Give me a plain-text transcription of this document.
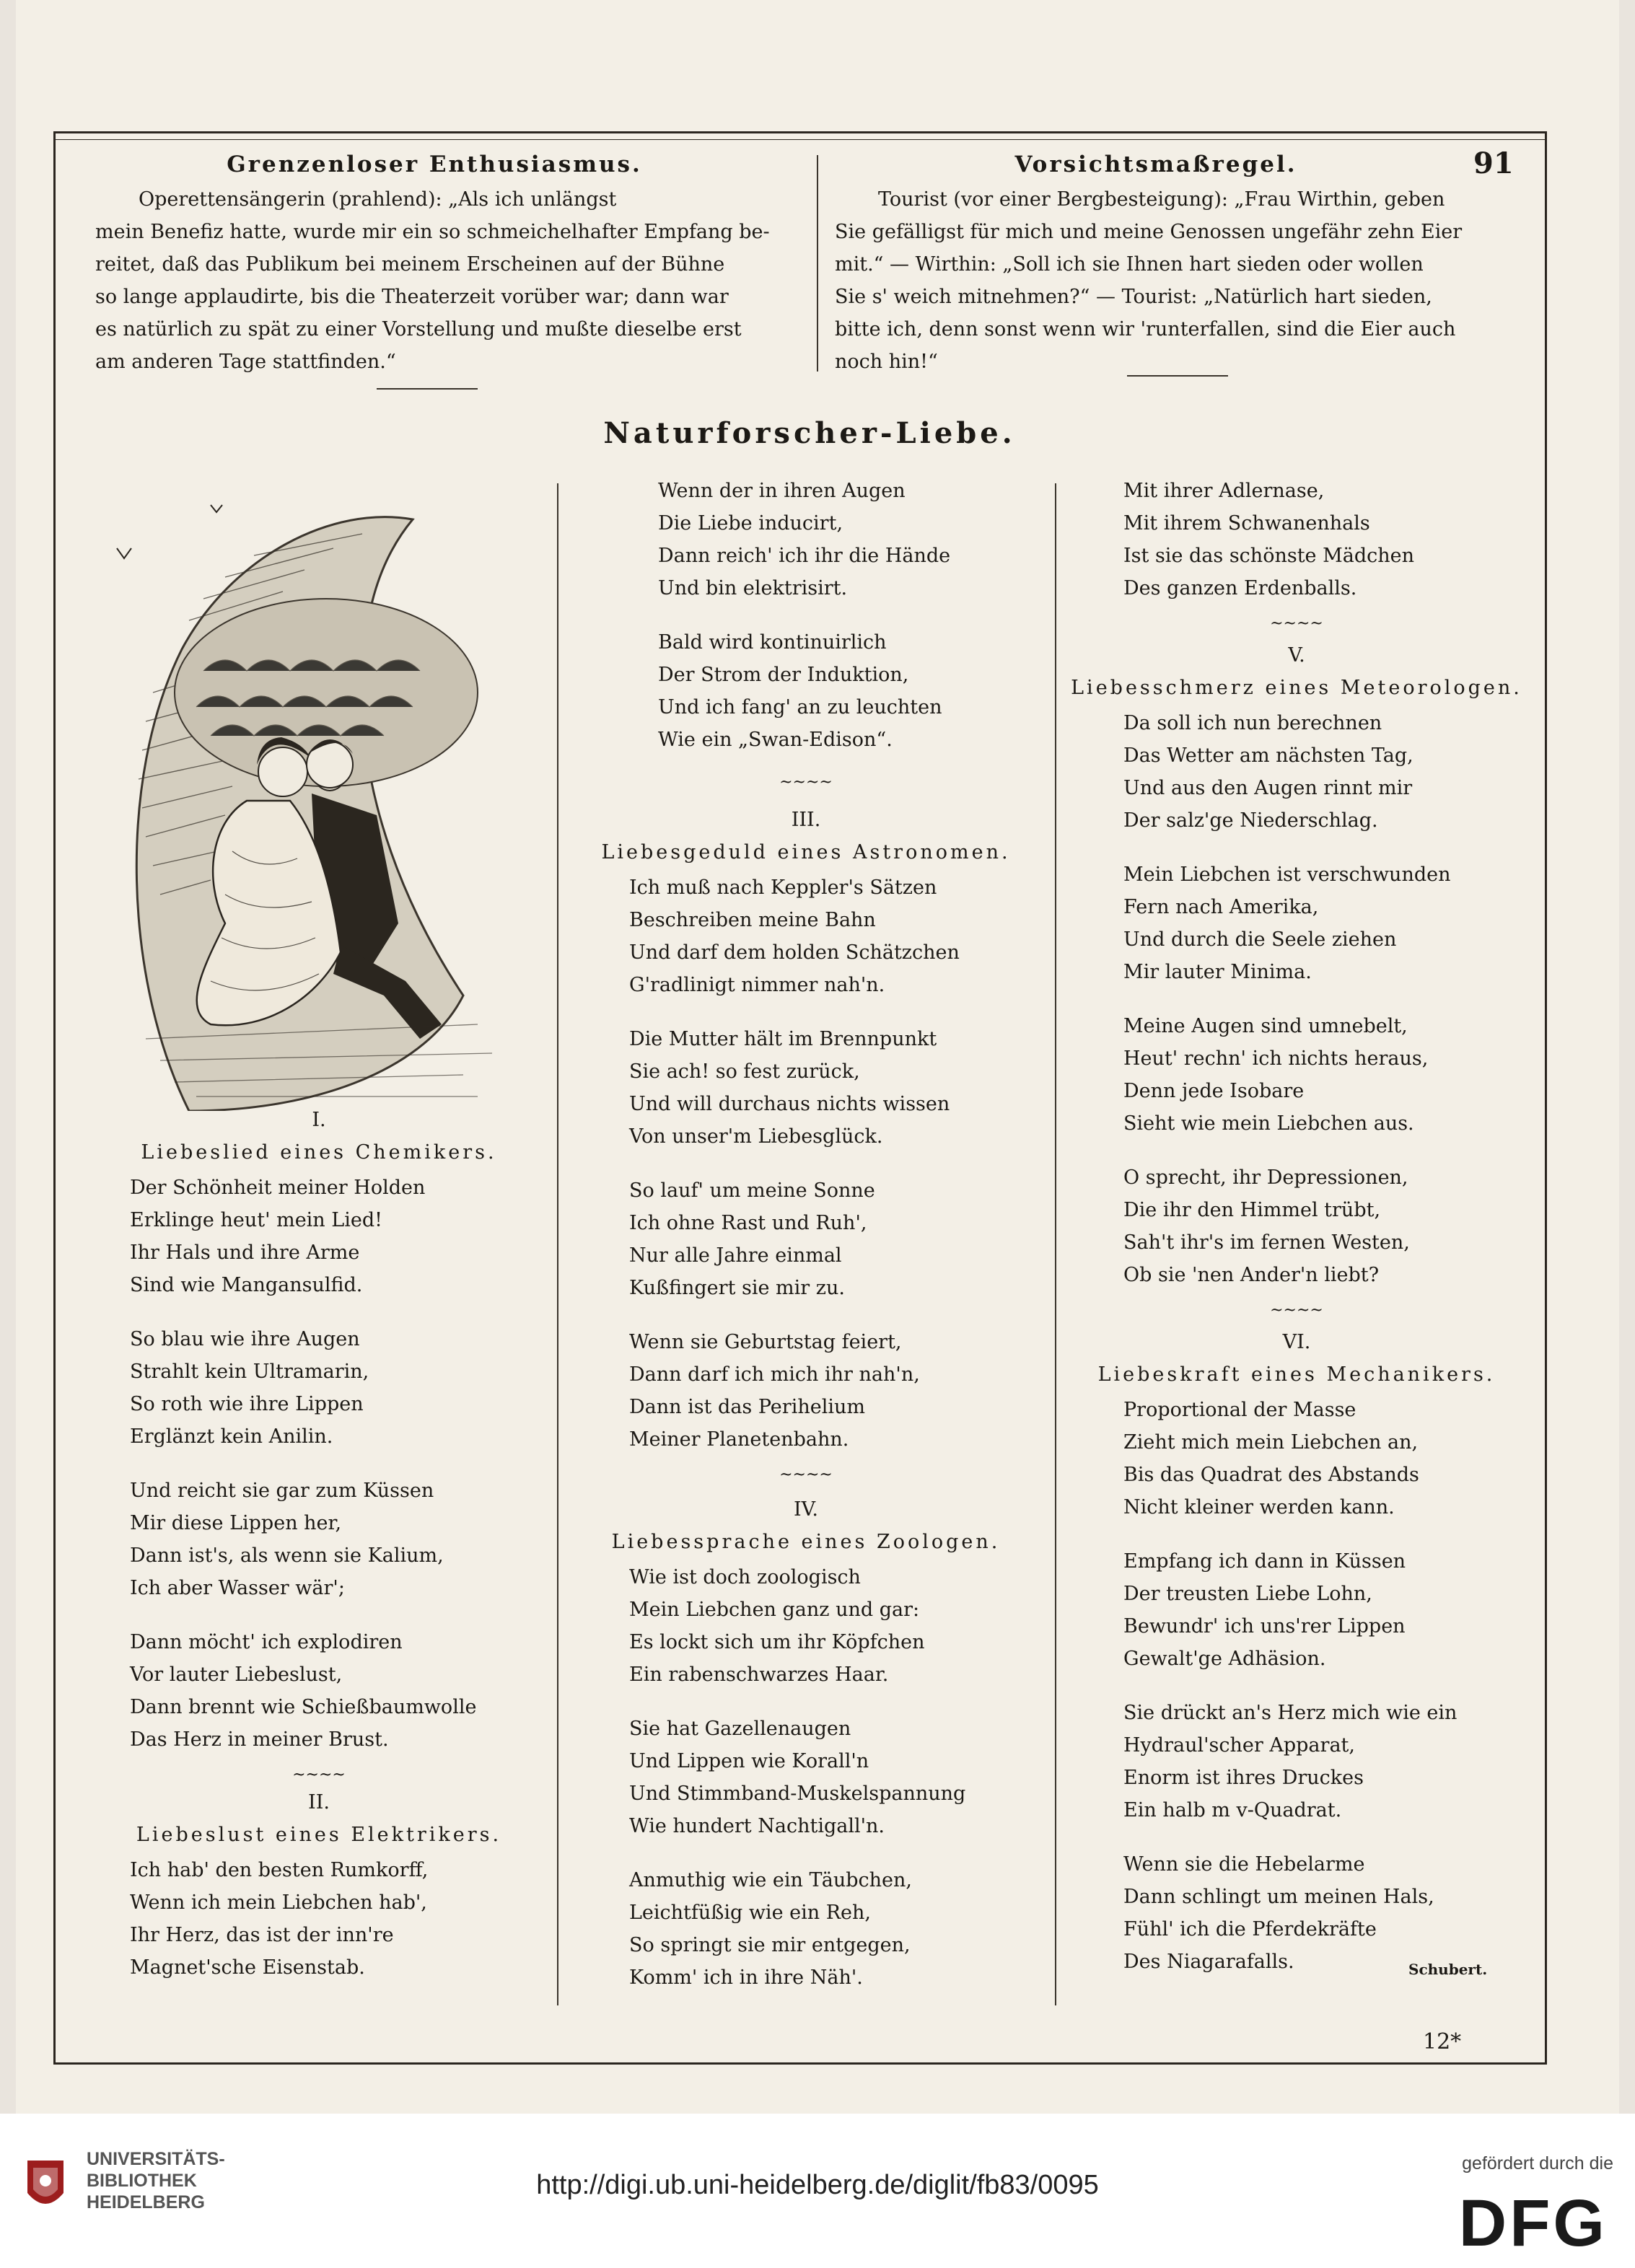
Grenzenloser Enthusiasmus.
Operettensängerin (prahlend): „Als ich unlängst
mein Benefiz hatte, wurde mir ein so schmeichelhafter Empfang be-
reitet, daß das Publikum bei meinem Erscheinen auf der Bühne
so lange applaudirte, bis die Theaterzeit vorüber war; dann war
es natürlich zu spät zu einer Vorstellung und mußte dieselbe erst
am anderen Tage stattfinden.“
Vorsichtsmaßregel.	91
Tourist (vor einer Bergbesteigung): „Frau Wirthin, geben
Sie gefälligst für mich und meine Genossen ungefähr zehn Eier
mit.“ — Wirthin: „Soll ich sie Ihnen hart sieden oder wollen
Sie s' weich mitnehmen?“ — Tourist: „Natürlich hart sieden,
bitte ich, denn sonst wenn wir 'runterfallen, sind die Eier auch
noch hin!“
Naturforscher-Liebe.
I.
Liebeslied eines Chemikers.
Der Schönheit meiner Holden
Erklinge heut' mein Lied!
Ihr Hals und ihre Arme
Sind wie Mangansulfid.
So blau wie ihre Augen
Strahlt kein Ultramarin,
So roth wie ihre Lippen
Erglänzt kein Anilin.
Und reicht sie gar zum Küssen
Mir diese Lippen her,
Dann ist's, als wenn sie Kalium,
Ich aber Wasser wär';
Dann möcht' ich explodiren
Vor lauter Liebeslust,
Dann brennt wie Schießbaumwolle
Das Herz in meiner Brust.
~~~~
II.
Liebeslust eines Elektrikers.
Ich hab' den besten Rumkorff,
Wenn ich mein Liebchen hab',
Ihr Herz, das ist der inn're
Magnet'sche Eisenstab.
Wenn der in ihren Augen
Die Liebe inducirt,
Dann reich' ich ihr die Hände
Und bin elektrisirt.
Bald wird kontinuirlich
Der Strom der Induktion,
Und ich fang' an zu leuchten
Wie ein „Swan-Edison“.
~~~~
III.
Liebesgeduld eines Astronomen.
Ich muß nach Keppler's Sätzen
Beschreiben meine Bahn
Und darf dem holden Schätzchen
G'radlinigt nimmer nah'n.
Die Mutter hält im Brennpunkt
Sie ach! so fest zurück,
Und will durchaus nichts wissen
Von unser'm Liebesglück.
So lauf' um meine Sonne
Ich ohne Rast und Ruh',
Nur alle Jahre einmal
Kußfingert sie mir zu.
Wenn sie Geburtstag feiert,
Dann darf ich mich ihr nah'n,
Dann ist das Perihelium
Meiner Planetenbahn.
~~~~
IV.
Liebessprache eines Zoologen.
Wie ist doch zoologisch
Mein Liebchen ganz und gar:
Es lockt sich um ihr Köpfchen
Ein rabenschwarzes Haar.
Sie hat Gazellenaugen
Und Lippen wie Korall'n
Und Stimmband-Muskelspannung
Wie hundert Nachtigall'n.
Anmuthig wie ein Täubchen,
Leichtfüßig wie ein Reh,
So springt sie mir entgegen,
Komm' ich in ihre Näh'.
Mit ihrer Adlernase,
Mit ihrem Schwanenhals
Ist sie das schönste Mädchen
Des ganzen Erdenballs.
~~~~
V.
Liebesschmerz eines Meteorologen.
Da soll ich nun berechnen
Das Wetter am nächsten Tag,
Und aus den Augen rinnt mir
Der salz'ge Niederschlag.
Mein Liebchen ist verschwunden
Fern nach Amerika,
Und durch die Seele ziehen
Mir lauter Minima.
Meine Augen sind umnebelt,
Heut' rechn' ich nichts heraus,
Denn jede Isobare
Sieht wie mein Liebchen aus.
O sprecht, ihr Depressionen,
Die ihr den Himmel trübt,
Sah't ihr's im fernen Westen,
Ob sie 'nen Ander'n liebt?
~~~~
VI.
Liebeskraft eines Mechanikers.
Proportional der Masse
Zieht mich mein Liebchen an,
Bis das Quadrat des Abstands
Nicht kleiner werden kann.
Empfang ich dann in Küssen
Der treusten Liebe Lohn,
Bewundr' ich uns'rer Lippen
Gewalt'ge Adhäsion.
Sie drückt an's Herz mich wie ein
Hydraul'scher Apparat,
Enorm ist ihres Druckes
Ein halb m v-Quadrat.
Wenn sie die Hebelarme
Dann schlingt um meinen Hals,
Fühl' ich die Pferdekräfte
Des Niagarafalls.	Schubert.
12*
UNIVERSITÄTS-
BIBLIOTHEK
HEIDELBERG
http://digi.ub.uni-heidelberg.de/diglit/fb83/0095
gefördert durch die
DFG
